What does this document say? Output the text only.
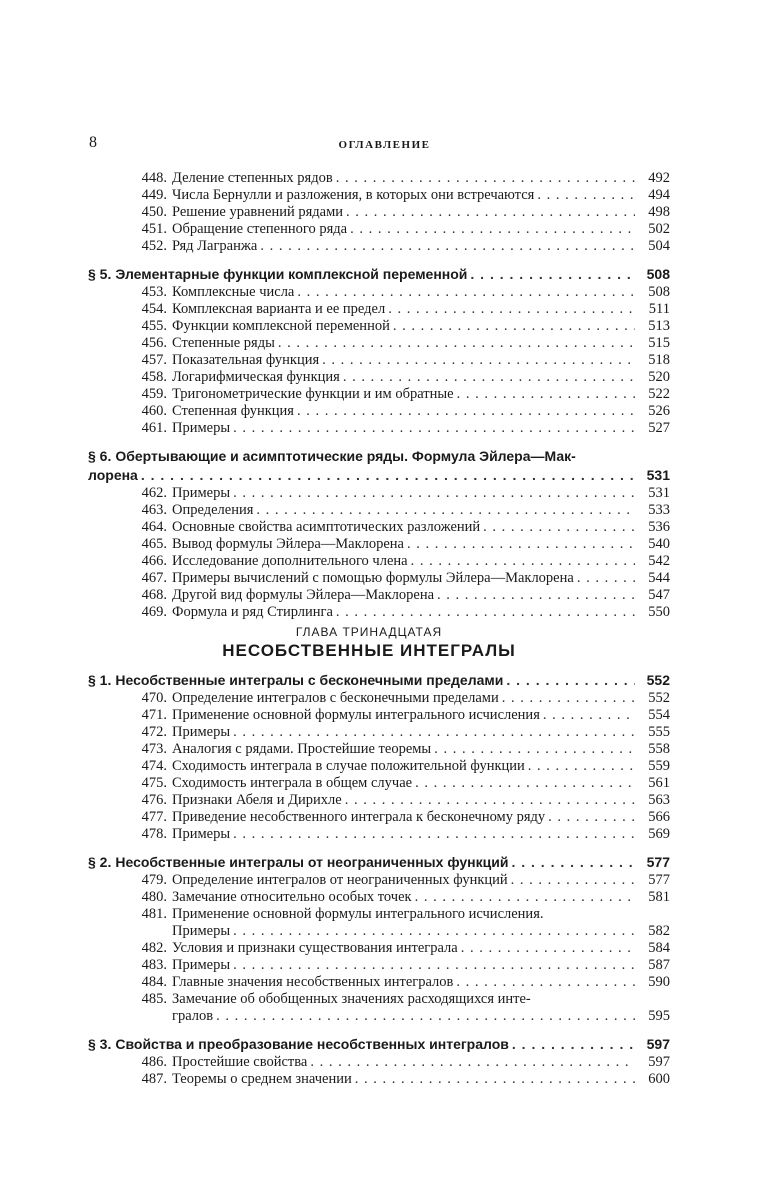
8	ОГЛАВЛЕНИЕ
448. Деление степенных рядов . . .	492
449. Числа Бернулли и разложения, в которых они встречаются . . .	494
450. Решение уравнений рядами . . .	498
451. Обращение степенного ряда . . .	502
452. Ряд Лагранжа . . .	504
§ 5. Элементарные функции комплексной переменной . . .	508
453. Комплексные числа . . .	508
454. Комплексная варианта и ее предел . . .	511
455. Функции комплексной переменной . . .	513
456. Степенные ряды . . .	515
457. Показательная функция . . .	518
458. Логарифмическая функция . . .	520
459. Тригонометрические функции и им обратные . . .	522
460. Степенная функция . . .	526
461. Примеры . . .	527
§ 6. Обертывающие и асимптотические ряды. Формула Эйлера—Мак-
лорена . . .	531
462. Примеры . . .	531
463. Определения . . .	533
464. Основные свойства асимптотических разложений . . .	536
465. Вывод формулы Эйлера—Маклорена . . .	540
466. Исследование дополнительного члена . . .	542
467. Примеры вычислений с помощью формулы Эйлера—Маклорена . . .	544
468. Другой вид формулы Эйлера—Маклорена . . .	547
469. Формула и ряд Стирлинга . . .	550
ГЛАВА ТРИНАДЦАТАЯ
НЕСОБСТВЕННЫЕ ИНТЕГРАЛЫ
§ 1. Несобственные интегралы с бесконечными пределами . . .	552
470. Определение интегралов с бесконечными пределами . . .	552
471. Применение основной формулы интегрального исчисления . . .	554
472. Примеры . . .	555
473. Аналогия с рядами. Простейшие теоремы . . .	558
474. Сходимость интеграла в случае положительной функции . . .	559
475. Сходимость интеграла в общем случае . . .	561
476. Признаки Абеля и Дирихле . . .	563
477. Приведение несобственного интеграла к бесконечному ряду . . .	566
478. Примеры . . .	569
§ 2. Несобственные интегралы от неограниченных функций . . .	577
479. Определение интегралов от неограниченных функций . . .	577
480. Замечание относительно особых точек . . .	581
481. Применение основной формулы интегрального исчисления.
Примеры . . .	582
482. Условия и признаки существования интеграла . . .	584
483. Примеры . . .	587
484. Главные значения несобственных интегралов . . .	590
485. Замечание об обобщенных значениях расходящихся инте-
гралов . . .	595
§ 3. Свойства и преобразование несобственных интегралов . . .	597
486. Простейшие свойства . . .	597
487. Теоремы о среднем значении . . .	600
